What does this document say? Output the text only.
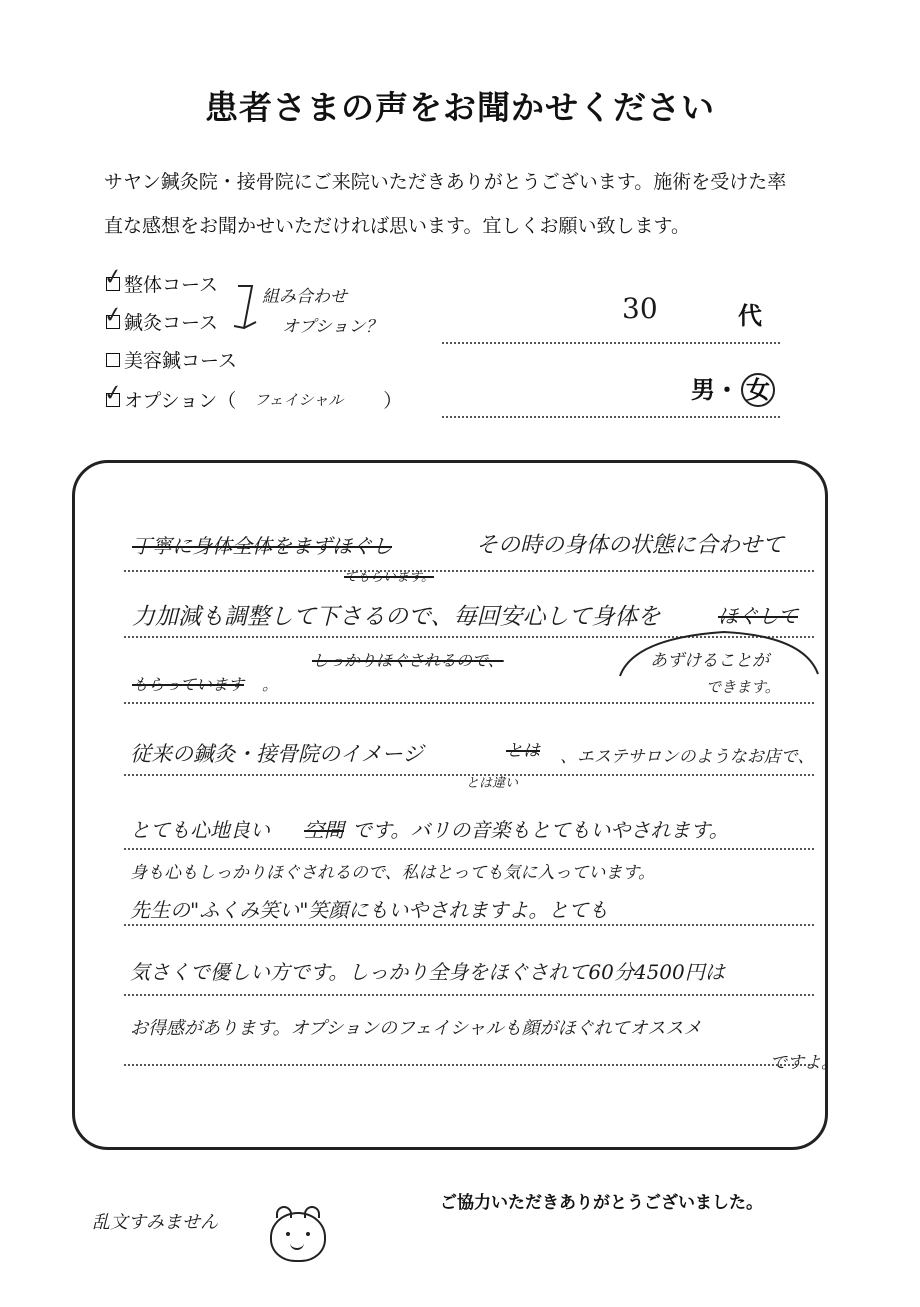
患者さまの声をお聞かせください

サヤン鍼灸院・接骨院にご来院いただきありがとうございます。施術を受けた率直な感想をお聞かせいただければ思います。宜しくお願い致します。

✓ 整体コース
✓ 鍼灸コース
美容鍼コース
✓ オプション（ フェイシャル ）
組み合わせ
オプション？
30	代
男・ 女
丁寧に身体全体をまずほぐし	その時の身体の状態に合わせて
てもらいます。
力加減も調整して下さるので、毎回安心して身体を	ほぐして
もらっています 。
しっかりほぐされるので、	あずけることが
できます。
従来の鍼灸・接骨院のイメージ	とは
とは違い
、エステサロンのようなお店で、
とても心地良い 空間 です。バリの音楽もとてもいやされます。
身も心もしっかりほぐされるので、私はとっても気に入っています。
先生の"ふくみ笑い"笑顔にもいやされますよ。とても
気さくで優しい方です。しっかり全身をほぐされて60分4500円は
お得感があります。オプションのフェイシャルも顔がほぐれてオススメ
ですよ。
ご協力いただきありがとうございました。
乱文すみません
